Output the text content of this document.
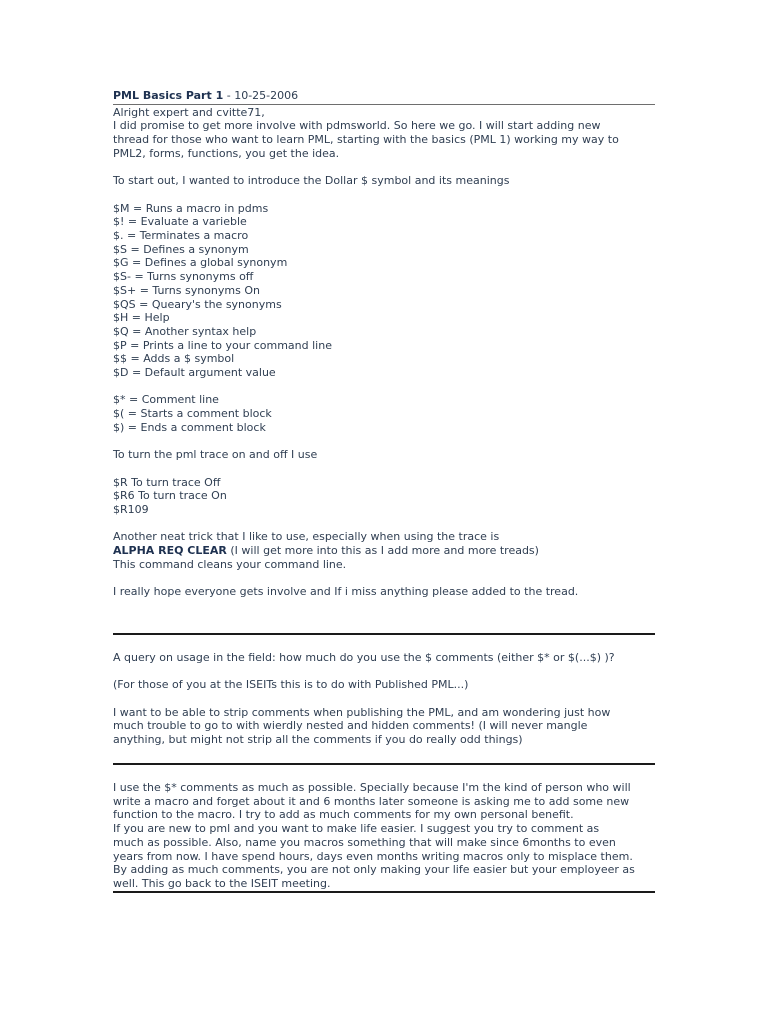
PML Basics Part 1 - 10-25-2006
Alright expert and cvitte71,
I did promise to get more involve with pdmsworld. So here we go. I will start adding new
thread for those who want to learn PML, starting with the basics (PML 1) working my way to
PML2, forms, functions, you get the idea.
To start out, I wanted to introduce the Dollar $ symbol and its meanings
$M = Runs a macro in pdms
$! = Evaluate a varieble
$. = Terminates a macro
$S = Defines a synonym
$G = Defines a global synonym
$S- = Turns synonyms off
$S+ = Turns synonyms On
$QS = Queary's the synonyms
$H = Help
$Q = Another syntax help
$P = Prints a line to your command line
$$ = Adds a $ symbol
$D = Default argument value
$* = Comment line
$( = Starts a comment block
$) = Ends a comment block
To turn the pml trace on and off I use
$R To turn trace Off
$R6 To turn trace On
$R109
Another neat trick that I like to use, especially when using the trace is
ALPHA REQ CLEAR (I will get more into this as I add more and more treads)
This command cleans your command line.
I really hope everyone gets involve and If i miss anything please added to the tread.
A query on usage in the field: how much do you use the $ comments (either $* or $(...$) )?
(For those of you at the ISEITs this is to do with Published PML...)
I want to be able to strip comments when publishing the PML, and am wondering just how
much trouble to go to with wierdly nested and hidden comments! (I will never mangle
anything, but might not strip all the comments if you do really odd things)
I use the $* comments as much as possible. Specially because I'm the kind of person who will
write a macro and forget about it and 6 months later someone is asking me to add some new
function to the macro. I try to add as much comments for my own personal benefit.
If you are new to pml and you want to make life easier. I suggest you try to comment as
much as possible. Also, name you macros something that will make since 6months to even
years from now. I have spend hours, days even months writing macros only to misplace them.
By adding as much comments, you are not only making your life easier but your employeer as
well. This go back to the ISEIT meeting.
